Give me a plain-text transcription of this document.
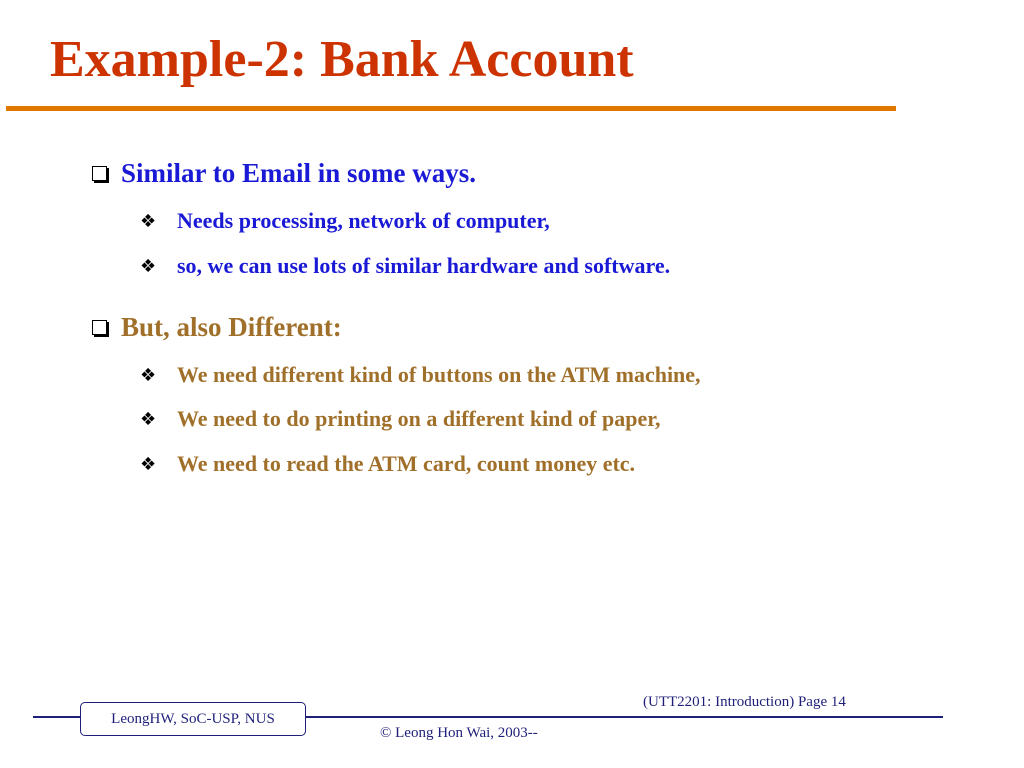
Example-2: Bank Account
Similar to Email in some ways.
❖ Needs processing, network of computer,
❖ so, we can use lots of similar hardware and software.
But, also Different:
❖ We need different kind of buttons on the ATM machine,
❖ We need to do printing on a different kind of paper,
❖ We need to read the ATM card, count money etc.
LeongHW, SoC-USP, NUS
(UTT2201: Introduction) Page 14
© Leong Hon Wai, 2003--
